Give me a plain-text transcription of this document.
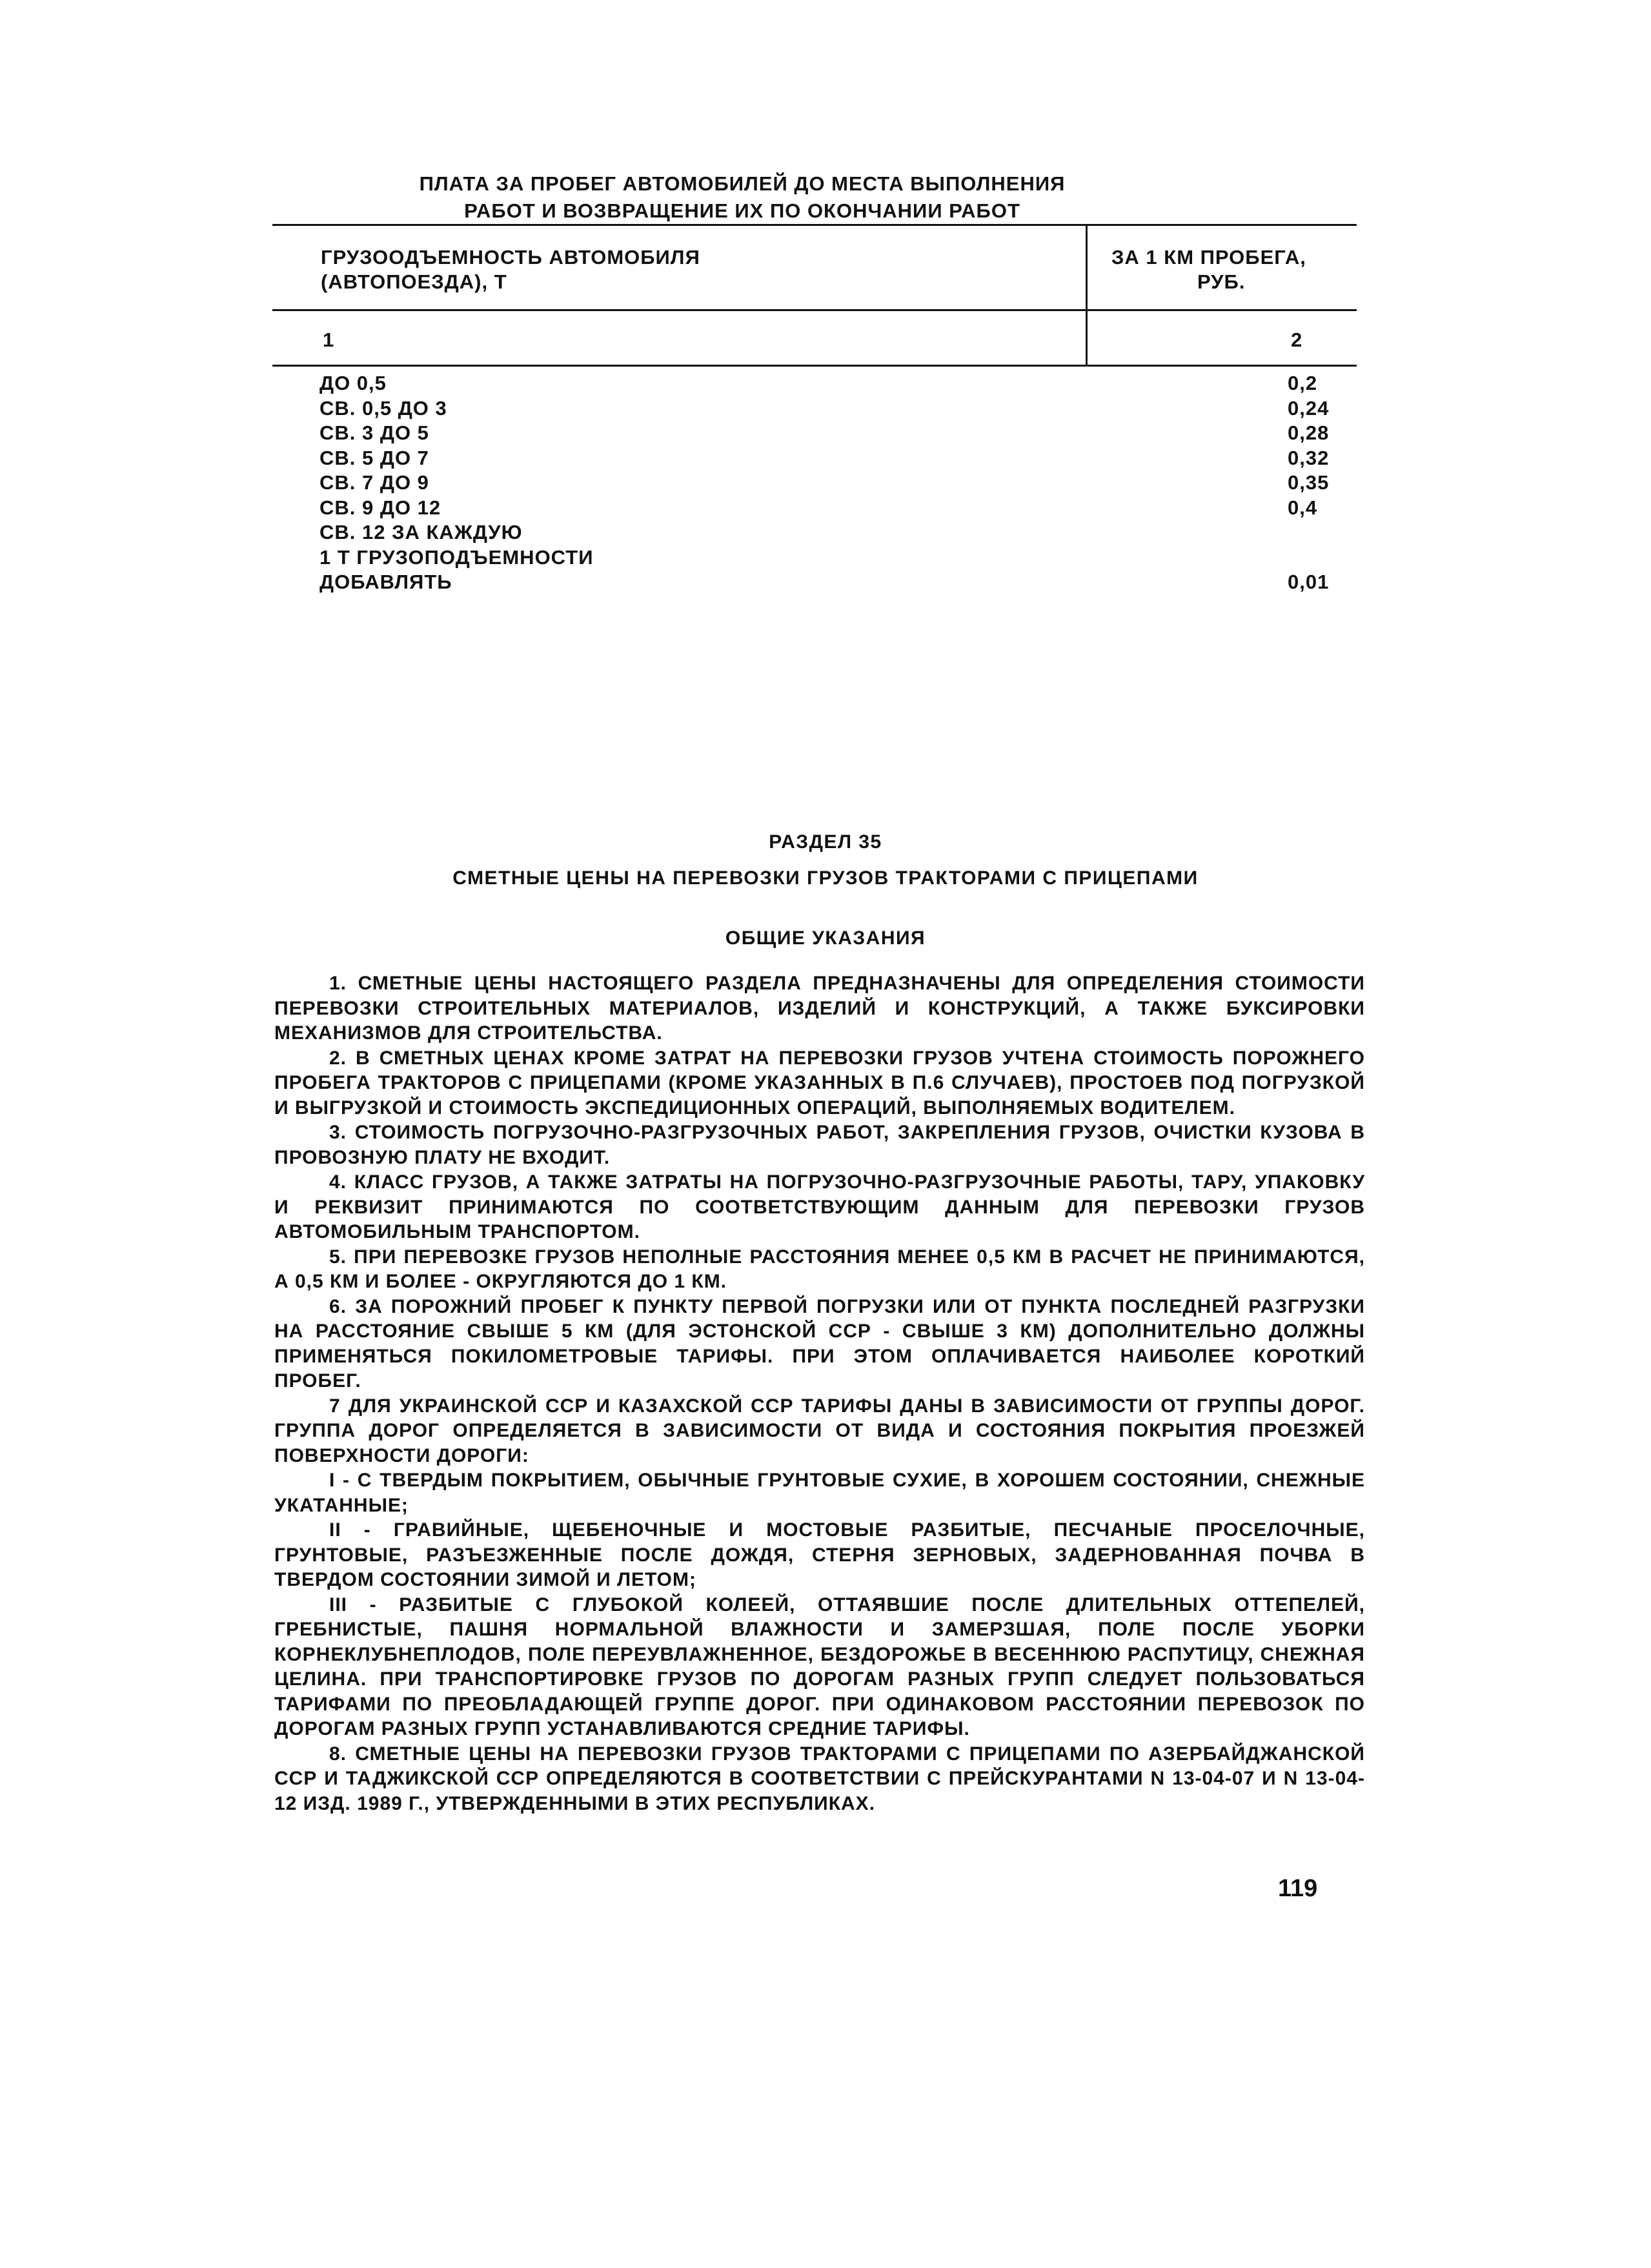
ПЛАТА ЗА ПРОБЕГ АВТОМОБИЛЕЙ ДО МЕСТА ВЫПОЛНЕНИЯ
РАБОТ И ВОЗВРАЩЕНИЕ ИХ ПО ОКОНЧАНИИ РАБОТ
ГРУЗООДЪЕМНОСТЬ АВТОМОБИЛЯ
(АВТОПОЕЗДА), Т
ЗА 1 КМ ПРОБЕГА,
РУБ.
1	2
ДО 0,5	0,2
СВ. 0,5 ДО 3	0,24
СВ. 3 ДО 5	0,28
СВ. 5 ДО 7	0,32
СВ. 7 ДО 9	0,35
СВ. 9 ДО 12	0,4
СВ. 12 ЗА КАЖДУЮ
1 Т ГРУЗОПОДЪЕМНОСТИ
ДОБАВЛЯТЬ	0,01
РАЗДЕЛ 35
СМЕТНЫЕ ЦЕНЫ НА ПЕРЕВОЗКИ ГРУЗОВ ТРАКТОРАМИ С ПРИЦЕПАМИ
ОБЩИЕ УКАЗАНИЯ

1. СМЕТНЫЕ ЦЕНЫ НАСТОЯЩЕГО РАЗДЕЛА ПРЕДНАЗНАЧЕНЫ ДЛЯ ОПРЕДЕЛЕНИЯ СТОИМОСТИ ПЕРЕВОЗКИ СТРОИТЕЛЬНЫХ МАТЕРИАЛОВ, ИЗДЕЛИЙ И КОНСТРУКЦИЙ, А ТАКЖЕ БУКСИРОВКИ МЕХАНИЗМОВ ДЛЯ СТРОИТЕЛЬСТВА.

2. В СМЕТНЫХ ЦЕНАХ КРОМЕ ЗАТРАТ НА ПЕРЕВОЗКИ ГРУЗОВ УЧТЕНА СТОИМОСТЬ ПОРОЖНЕГО ПРОБЕГА ТРАКТОРОВ С ПРИЦЕПАМИ (КРОМЕ УКАЗАННЫХ В П.6 СЛУЧАЕВ), ПРОСТОЕВ ПОД ПОГРУЗКОЙ И ВЫГРУЗКОЙ И СТОИМОСТЬ ЭКСПЕДИЦИОННЫХ ОПЕРАЦИЙ, ВЫПОЛНЯЕМЫХ ВОДИТЕЛЕМ.

3. СТОИМОСТЬ ПОГРУЗОЧНО-РАЗГРУЗОЧНЫХ РАБОТ, ЗАКРЕПЛЕНИЯ ГРУЗОВ, ОЧИСТКИ КУЗОВА В ПРОВОЗНУЮ ПЛАТУ НЕ ВХОДИТ.

4. КЛАСС ГРУЗОВ, А ТАКЖЕ ЗАТРАТЫ НА ПОГРУЗОЧНО-РАЗГРУЗОЧНЫЕ РАБОТЫ, ТАРУ, УПАКОВКУ И РЕКВИЗИТ ПРИНИМАЮТСЯ ПО СООТВЕТСТВУЮЩИМ ДАННЫМ ДЛЯ ПЕРЕВОЗКИ ГРУЗОВ АВТОМОБИЛЬНЫМ ТРАНСПОРТОМ.

5. ПРИ ПЕРЕВОЗКЕ ГРУЗОВ НЕПОЛНЫЕ РАССТОЯНИЯ МЕНЕЕ 0,5 КМ В РАСЧЕТ НЕ ПРИНИМАЮТСЯ, А 0,5 КМ И БОЛЕЕ - ОКРУГЛЯЮТСЯ ДО 1 КМ.

6. ЗА ПОРОЖНИЙ ПРОБЕГ К ПУНКТУ ПЕРВОЙ ПОГРУЗКИ ИЛИ ОТ ПУНКТА ПОСЛЕДНЕЙ РАЗГРУЗКИ НА РАССТОЯНИЕ СВЫШЕ 5 КМ (ДЛЯ ЭСТОНСКОЙ ССР - СВЫШЕ 3 КМ) ДОПОЛНИТЕЛЬНО ДОЛЖНЫ ПРИМЕНЯТЬСЯ ПОКИЛОМЕТРОВЫЕ ТАРИФЫ. ПРИ ЭТОМ ОПЛАЧИВАЕТСЯ НАИБОЛЕЕ КОРОТКИЙ ПРОБЕГ.

7 ДЛЯ УКРАИНСКОЙ ССР И КАЗАХСКОЙ ССР ТАРИФЫ ДАНЫ В ЗАВИСИМОСТИ ОТ ГРУППЫ ДОРОГ. ГРУППА ДОРОГ ОПРЕДЕЛЯЕТСЯ В ЗАВИСИМОСТИ ОТ ВИДА И СОСТОЯНИЯ ПОКРЫТИЯ ПРОЕЗЖЕЙ ПОВЕРХНОСТИ ДОРОГИ:

I - С ТВЕРДЫМ ПОКРЫТИЕМ, ОБЫЧНЫЕ ГРУНТОВЫЕ СУХИЕ, В ХОРОШЕМ СОСТОЯНИИ, СНЕЖНЫЕ УКАТАННЫЕ;

II - ГРАВИЙНЫЕ, ЩЕБЕНОЧНЫЕ И МОСТОВЫЕ РАЗБИТЫЕ, ПЕСЧАНЫЕ ПРОСЕЛОЧНЫЕ, ГРУНТОВЫЕ, РАЗЪЕЗЖЕННЫЕ ПОСЛЕ ДОЖДЯ, СТЕРНЯ ЗЕРНОВЫХ, ЗАДЕРНОВАННАЯ ПОЧВА В ТВЕРДОМ СОСТОЯНИИ ЗИМОЙ И ЛЕТОМ;

III - РАЗБИТЫЕ С ГЛУБОКОЙ КОЛЕЕЙ, ОТТАЯВШИЕ ПОСЛЕ ДЛИТЕЛЬНЫХ ОТТЕПЕЛЕЙ, ГРЕБНИСТЫЕ, ПАШНЯ НОРМАЛЬНОЙ ВЛАЖНОСТИ И ЗАМЕРЗШАЯ, ПОЛЕ ПОСЛЕ УБОРКИ КОРНЕКЛУБНЕПЛОДОВ, ПОЛЕ ПЕРЕУВЛАЖНЕННОЕ, БЕЗДОРОЖЬЕ В ВЕСЕННЮЮ РАСПУТИЦУ, СНЕЖНАЯ ЦЕЛИНА. ПРИ ТРАНСПОРТИРОВКЕ ГРУЗОВ ПО ДОРОГАМ РАЗНЫХ ГРУПП СЛЕДУЕТ ПОЛЬЗОВАТЬСЯ ТАРИФАМИ ПО ПРЕОБЛАДАЮЩЕЙ ГРУППЕ ДОРОГ. ПРИ ОДИНАКОВОМ РАССТОЯНИИ ПЕРЕВОЗОК ПО ДОРОГАМ РАЗНЫХ ГРУПП УСТАНАВЛИВАЮТСЯ СРЕДНИЕ ТАРИФЫ.

8. СМЕТНЫЕ ЦЕНЫ НА ПЕРЕВОЗКИ ГРУЗОВ ТРАКТОРАМИ С ПРИЦЕПАМИ ПО АЗЕРБАЙДЖАНСКОЙ ССР И ТАДЖИКСКОЙ ССР ОПРЕДЕЛЯЮТСЯ В СООТВЕТСТВИИ С ПРЕЙСКУРАНТАМИ N 13-04-07 И N 13-04-12 ИЗД. 1989 Г., УТВЕРЖДЕННЫМИ В ЭТИХ РЕСПУБЛИКАХ.

119
